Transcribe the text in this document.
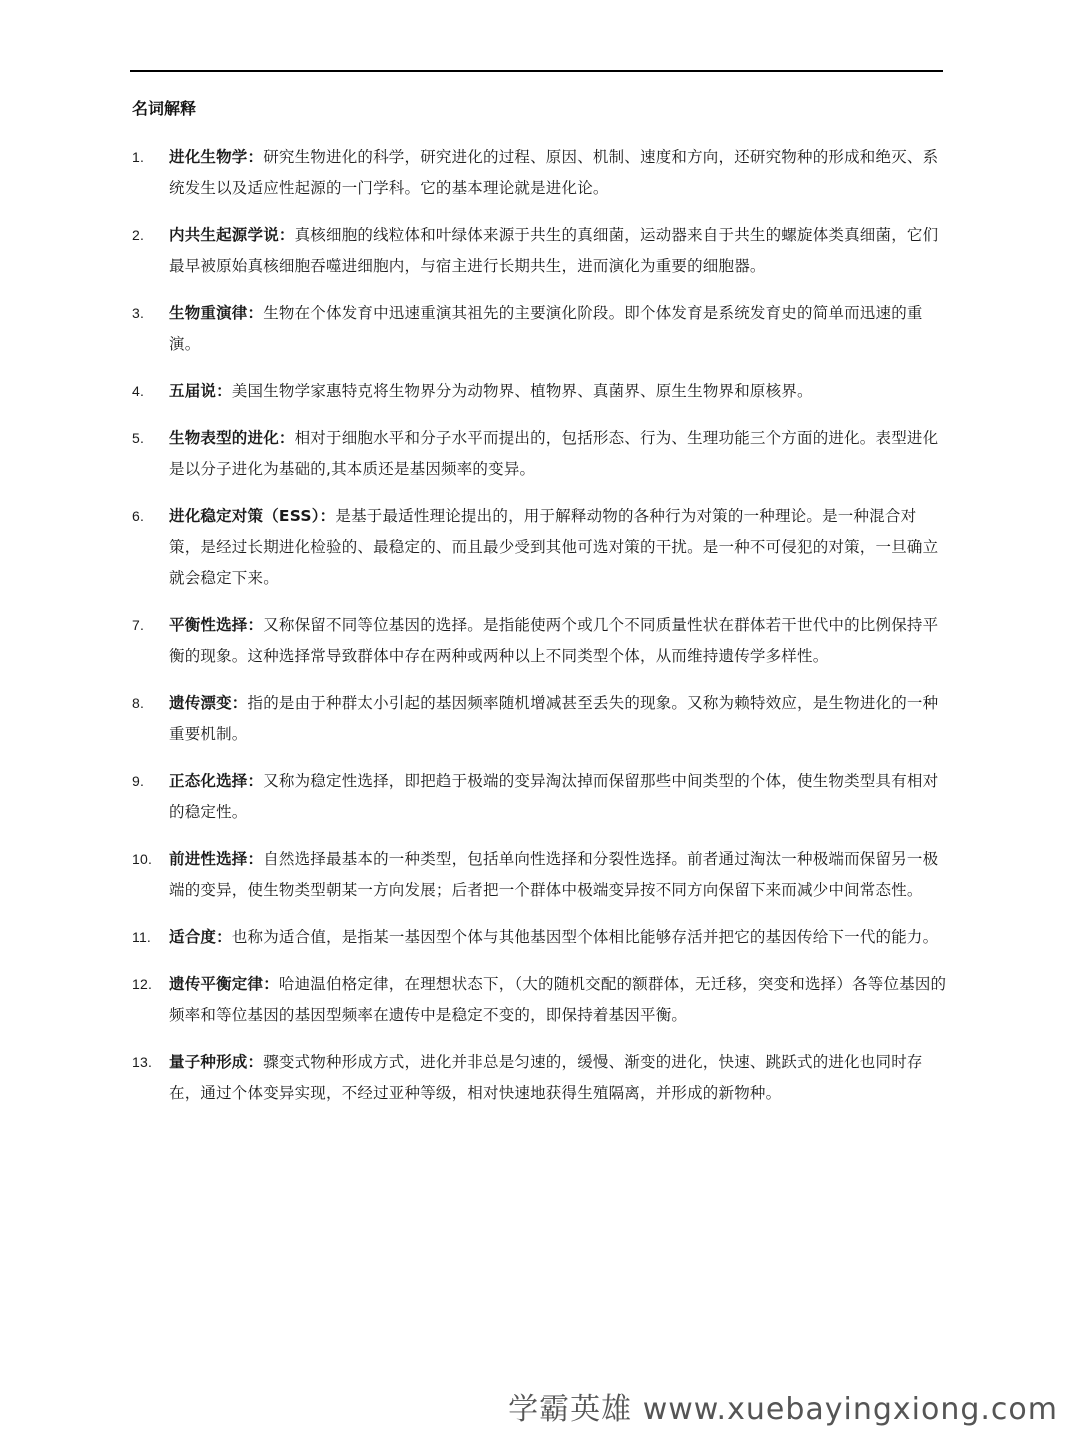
名词解释
1. 进化生物学：研究生物进化的科学，研究进化的过程、原因、机制、速度和方向，还研究物种的形成和绝灭、系统发生以及适应性起源的一门学科。它的基本理论就是进化论。
2. 内共生起源学说：真核细胞的线粒体和叶绿体来源于共生的真细菌，运动器来自于共生的螺旋体类真细菌，它们最早被原始真核细胞吞噬进细胞内，与宿主进行长期共生，进而演化为重要的细胞器。
3. 生物重演律：生物在个体发育中迅速重演其祖先的主要演化阶段。即个体发育是系统发育史的简单而迅速的重演。
4. 五届说：美国生物学家惠特克将生物界分为动物界、植物界、真菌界、原生生物界和原核界。
5. 生物表型的进化：相对于细胞水平和分子水平而提出的，包括形态、行为、生理功能三个方面的进化。表型进化是以分子进化为基础的,其本质还是基因频率的变异。
6. 进化稳定对策（ESS）：是基于最适性理论提出的，用于解释动物的各种行为对策的一种理论。是一种混合对策，是经过长期进化检验的、最稳定的、而且最少受到其他可选对策的干扰。是一种不可侵犯的对策，一旦确立就会稳定下来。
7. 平衡性选择：又称保留不同等位基因的选择。是指能使两个或几个不同质量性状在群体若干世代中的比例保持平衡的现象。这种选择常导致群体中存在两种或两种以上不同类型个体，从而维持遗传学多样性。
8. 遗传漂变：指的是由于种群太小引起的基因频率随机增减甚至丢失的现象。又称为赖特效应，是生物进化的一种重要机制。
9. 正态化选择：又称为稳定性选择，即把趋于极端的变异淘汰掉而保留那些中间类型的个体，使生物类型具有相对的稳定性。
10. 前进性选择：自然选择最基本的一种类型，包括单向性选择和分裂性选择。前者通过淘汰一种极端而保留另一极端的变异，使生物类型朝某一方向发展；后者把一个群体中极端变异按不同方向保留下来而减少中间常态性。
11. 适合度：也称为适合值，是指某一基因型个体与其他基因型个体相比能够存活并把它的基因传给下一代的能力。
12. 遗传平衡定律：哈迪温伯格定律，在理想状态下，（大的随机交配的额群体，无迁移，突变和选择）各等位基因的频率和等位基因的基因型频率在遗传中是稳定不变的，即保持着基因平衡。
13. 量子种形成：骤变式物种形成方式，进化并非总是匀速的，缓慢、渐变的进化，快速、跳跃式的进化也同时存在，通过个体变异实现，不经过亚种等级，相对快速地获得生殖隔离，并形成的新物种。
学霸英雄 www.xuebayingxiong.com
